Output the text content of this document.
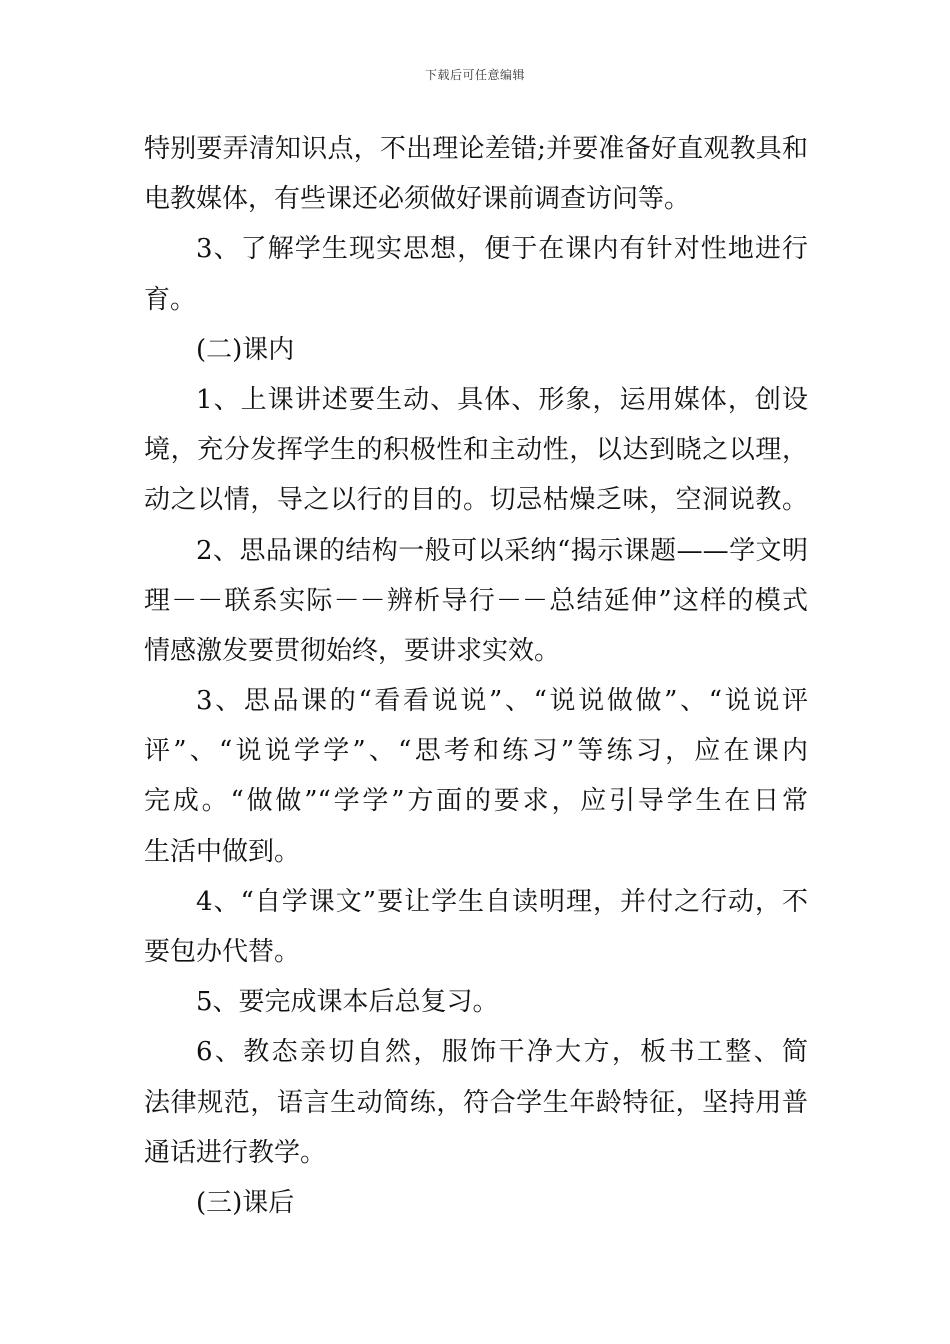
下载后可任意编辑
特别要弄清知识点，不出理论差错;并要准备好直观教具和
电教媒体，有些课还必须做好课前调查访问等。
3、了解学生现实思想，便于在课内有针对性地进行
育。
(二)课内
1、上课讲述要生动、具体、形象，运用媒体，创设
境，充分发挥学生的积极性和主动性，以达到晓之以理，
动之以情，导之以行的目的。切忌枯燥乏味，空洞说教。
2、思品课的结构一般可以采纳“揭示课题——学文明
理－－联系实际－－辨析导行－－总结延伸”这样的模式
情感激发要贯彻始终，要讲求实效。
3、思品课的“看看说说”、“说说做做”、“说说评
评”、“说说学学”、“思考和练习”等练习，应在课内
完成。“做做”“学学”方面的要求，应引导学生在日常
生活中做到。
4、“自学课文”要让学生自读明理，并付之行动，不
要包办代替。
5、要完成课本后总复习。
6、教态亲切自然，服饰干净大方，板书工整、简
法律规范，语言生动简练，符合学生年龄特征，坚持用普
通话进行教学。
(三)课后
